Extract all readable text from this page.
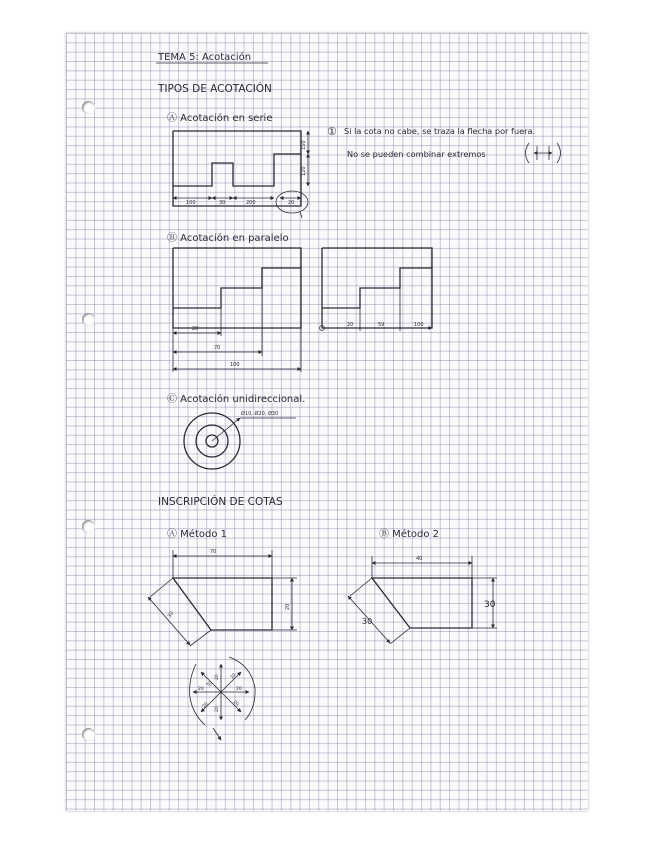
TEMA 5: Acotación
TIPOS DE ACOTACIÓN
Ⓐ Acotación en serie
100	30	200	20
150
120
① Si la cota no cabe, se traza la flecha por fuera.
No se pueden combinar extremos
Ⓑ Acotación en paralelo
20
70
100
20	59	100
Ⓒ Acotación unidireccional.
Ø10, Ø20, Ø30
INSCRIPCIÓN DE COTAS
Ⓐ Método 1
70
20
30
20
20
20	20
20
20
20	20
Ⓑ Método 2
40
30
30
